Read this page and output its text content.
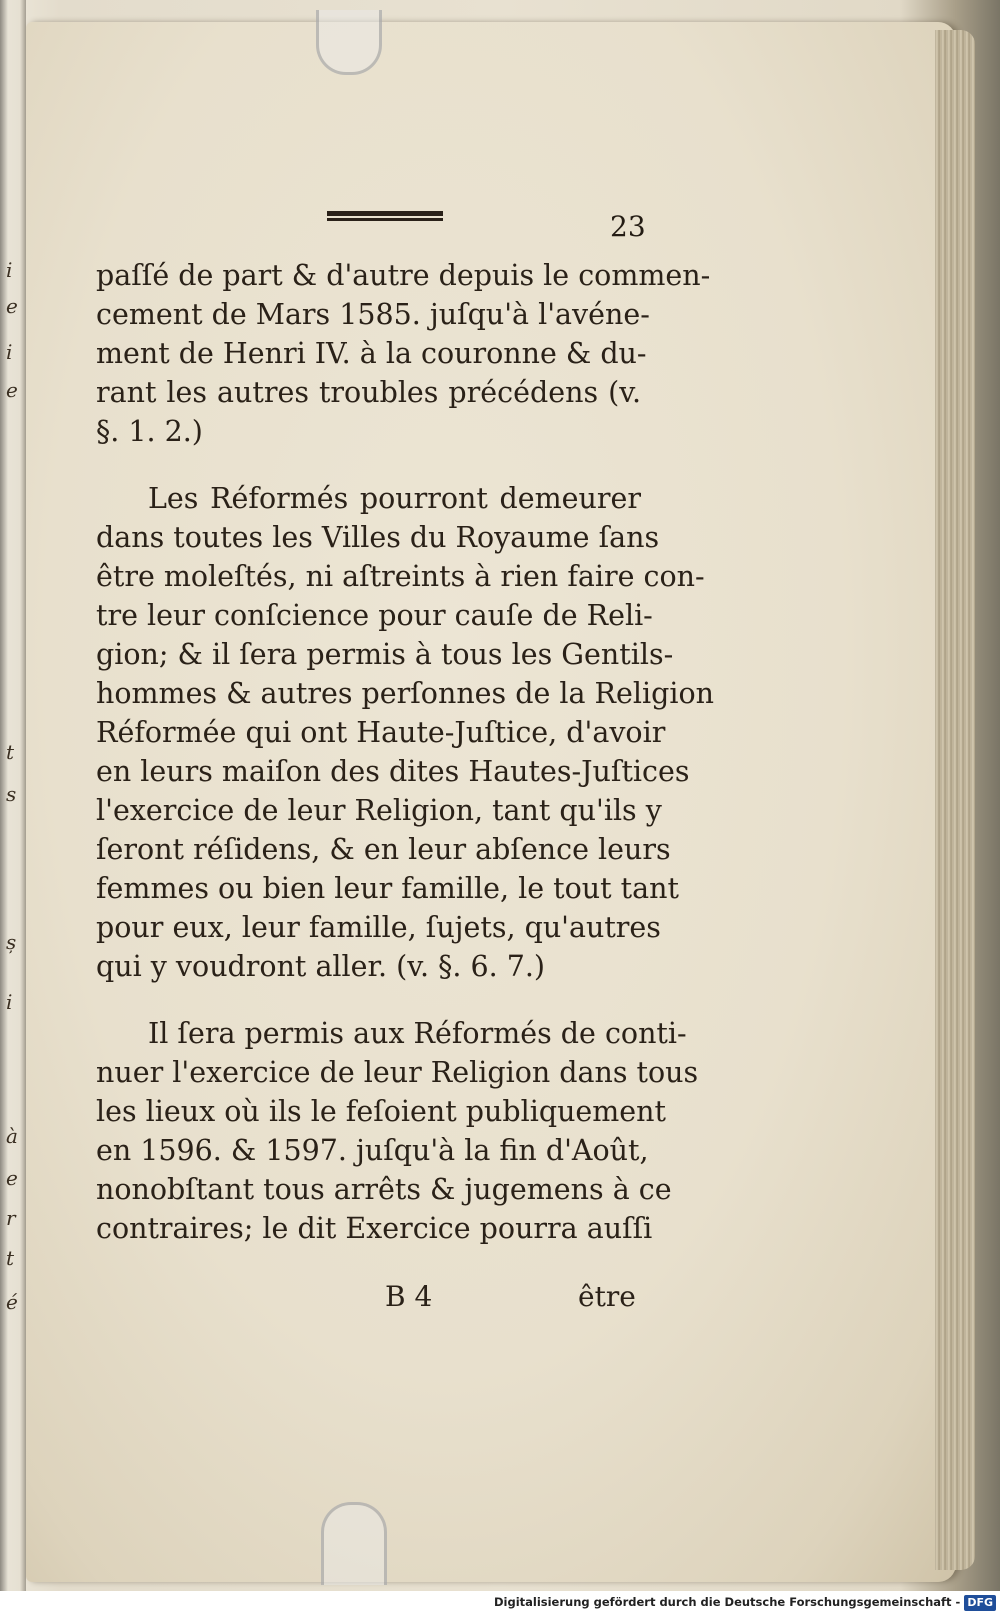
i
e
i
e
t
s
ș
i
à
e
r
t
é
23
paſſé de part & d'autre depuis le commen-
cement de Mars 1585. juſqu'à l'avéne-
ment de Henri IV. à la couronne & du-
rant les autres troubles précédens (v.
§. 1. 2.)
Les Réformés pourront demeurer
dans toutes les Villes du Royaume ſans
être moleſtés, ni aſtreints à rien faire con-
tre leur conſcience pour cauſe de Reli-
gion; & il ſera permis à tous les Gentils-
hommes & autres perſonnes de la Religion
Réformée qui ont Haute-Juſtice, d'avoir
en leurs maiſon des dites Hautes-Juſtices
l'exercice de leur Religion, tant qu'ils y
ſeront réſidens, & en leur abſence leurs
femmes ou bien leur famille, le tout tant
pour eux, leur famille, ſujets, qu'autres
qui y voudront aller. (v. §. 6. 7.)
Il ſera permis aux Réformés de conti-
nuer l'exercice de leur Religion dans tous
les lieux où ils le feſoient publiquement
en 1596. & 1597. juſqu'à la fin d'Août,
nonobſtant tous arrêts & jugemens à ce
contraires; le dit Exercice pourra auſſi
B 4	être
Digitalisierung gefördert durch die Deutsche Forschungsgemeinschaft - DFG
